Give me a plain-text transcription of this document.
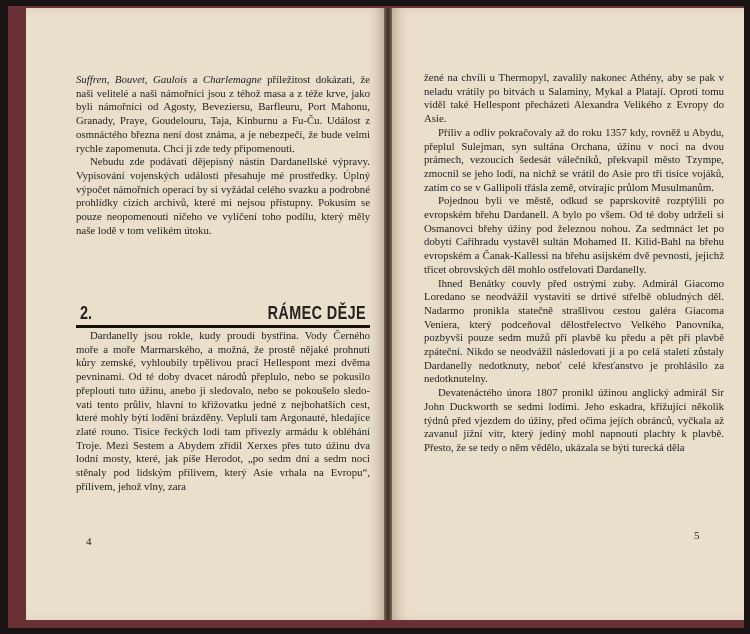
Suffren, Bouvet, Gaulois a Charlemagne příležitost dokázati, že naši velitelé a naši námořníci jsou z téhož masa a z téže krve, jako byli námořníci od Agosty, Beveziersu, Barfleuru, Port Mahonu, Granady, Praye, Goudelouru, Taja, Kinburnu a Fu-Ču. Událost z osmnáctého března není dost známa, a je nebezpečí, že bude velmi rychle zapomenuta. Chci ji zde tedy připomenouti.

Nebudu zde podávati dějepisný nástin Dardanellské výpravy. Vypisování vojenských událostí přesahuje mé prostředky. Úplný výpočet námořních operací by si vyžádal celého svazku a podrobné prohlídky cizích archivů, které mi nejsou přístupny. Pokusím se pouze neopomenouti ničeho ve vylíčení toho podílu, který měly naše lodě v tom velikém útoku.

2.	RÁMEC DĚJE

Dardanelly jsou rokle, kudy proudí bystřina. Vody Černého moře a moře Marmarského, a možná, že prostě nějaké prohnutí kůry zemské, vyhloubily trpělivou prací Hellespont mezi dvěma pevninami. Od té doby dvacet národů přeplulo, nebo se pokusilo přeplouti tuto úžinu, anebo ji sledovalo, nebo se pokoušelo sledovati tento průliv, hlavní to křižovatku jedné z nejbohatších cest, které mohly býti lodění brázděny. Vepluli tam Argonauté, hledajíce zlaté rouno. Tisíce řeckých lodí tam přivezly armádu k obléhání Troje. Mezi Sestem a Abydem zřídil Xerxes přes tuto úžinu dva lodní mosty, které, jak píše Herodot, „po sedm dní a sedm noci stěnaly pod lidským přílivem, který Asie vrhala na Evropu“, přílivem, jehož vlny, zara

4

žené na chvíli u Thermopyl, zavalily nakonec Athény, aby se pak v neladu vrátily po bitvách u Salaminy, Mykal a Platají. Oproti tomu viděl také Hellespont přecházeti Alexandra Velikého z Evropy do Asie.

Příliv a odliv pokračovaly až do roku 1357 kdy, rovněž u Abydu, přeplul Sulejman, syn sultána Orchana, úžinu v noci na dvou prámech, vezoucích šedesát válečníků, překvapil město Tzympe, zmocnil se jeho lodí, na nichž se vrátil do Asie pro tři tisíce vojáků, zatím co se v Gallipoli třásla země, otvírajíc průlom Musulmanům.

Pojednou byli ve městě, odkud se paprskovitě rozptýlili po evropském břehu Dardanell. A bylo po všem. Od té doby udrželi si Osmanovci břehy úžiny pod železnou nohou. Za sedmnáct let po dobytí Cařihradu vystavěl sultán Mohamed II. Kilid-Bahl na břehu evropském a Čanak-Kallessi na břehu asijském dvě pevnosti, jejichž třicet obrovských děl mohlo ostřelovati Dardanelly.

Ihned Benátky couvly před ostrými zuby. Admirál Giacomo Loredano se neodvážil vystaviti se drtivé střelbě obludných děl. Nadarmo pronikla statečně strašlivou cestou galéra Giacoma Veniera, který podceňoval dělostřelectvo Velkého Panovníka, pozbyvši pouze sedm mužů při plavbě ku předu a pět při plavbě zpáteční. Nikdo se neodvážil následovati ji a po celá staletí zůstaly Dardanelly nedotknuty, neboť celé křesťanstvo je prohlásilo za nedotknutelny.

Devatenáctého února 1807 pronikl úžinou anglický admirál Sir John Duckworth se sedmi lodími. Jeho eskadra, křižující několik týdnů před vjezdem do úžiny, před očima jejích obránců, vyčkala až zavanul jižní vítr, který jediný mohl napnouti plachty k plavbě. Přesto, že se tedy o něm vědělo, ukázala se býti turecká děla

5
